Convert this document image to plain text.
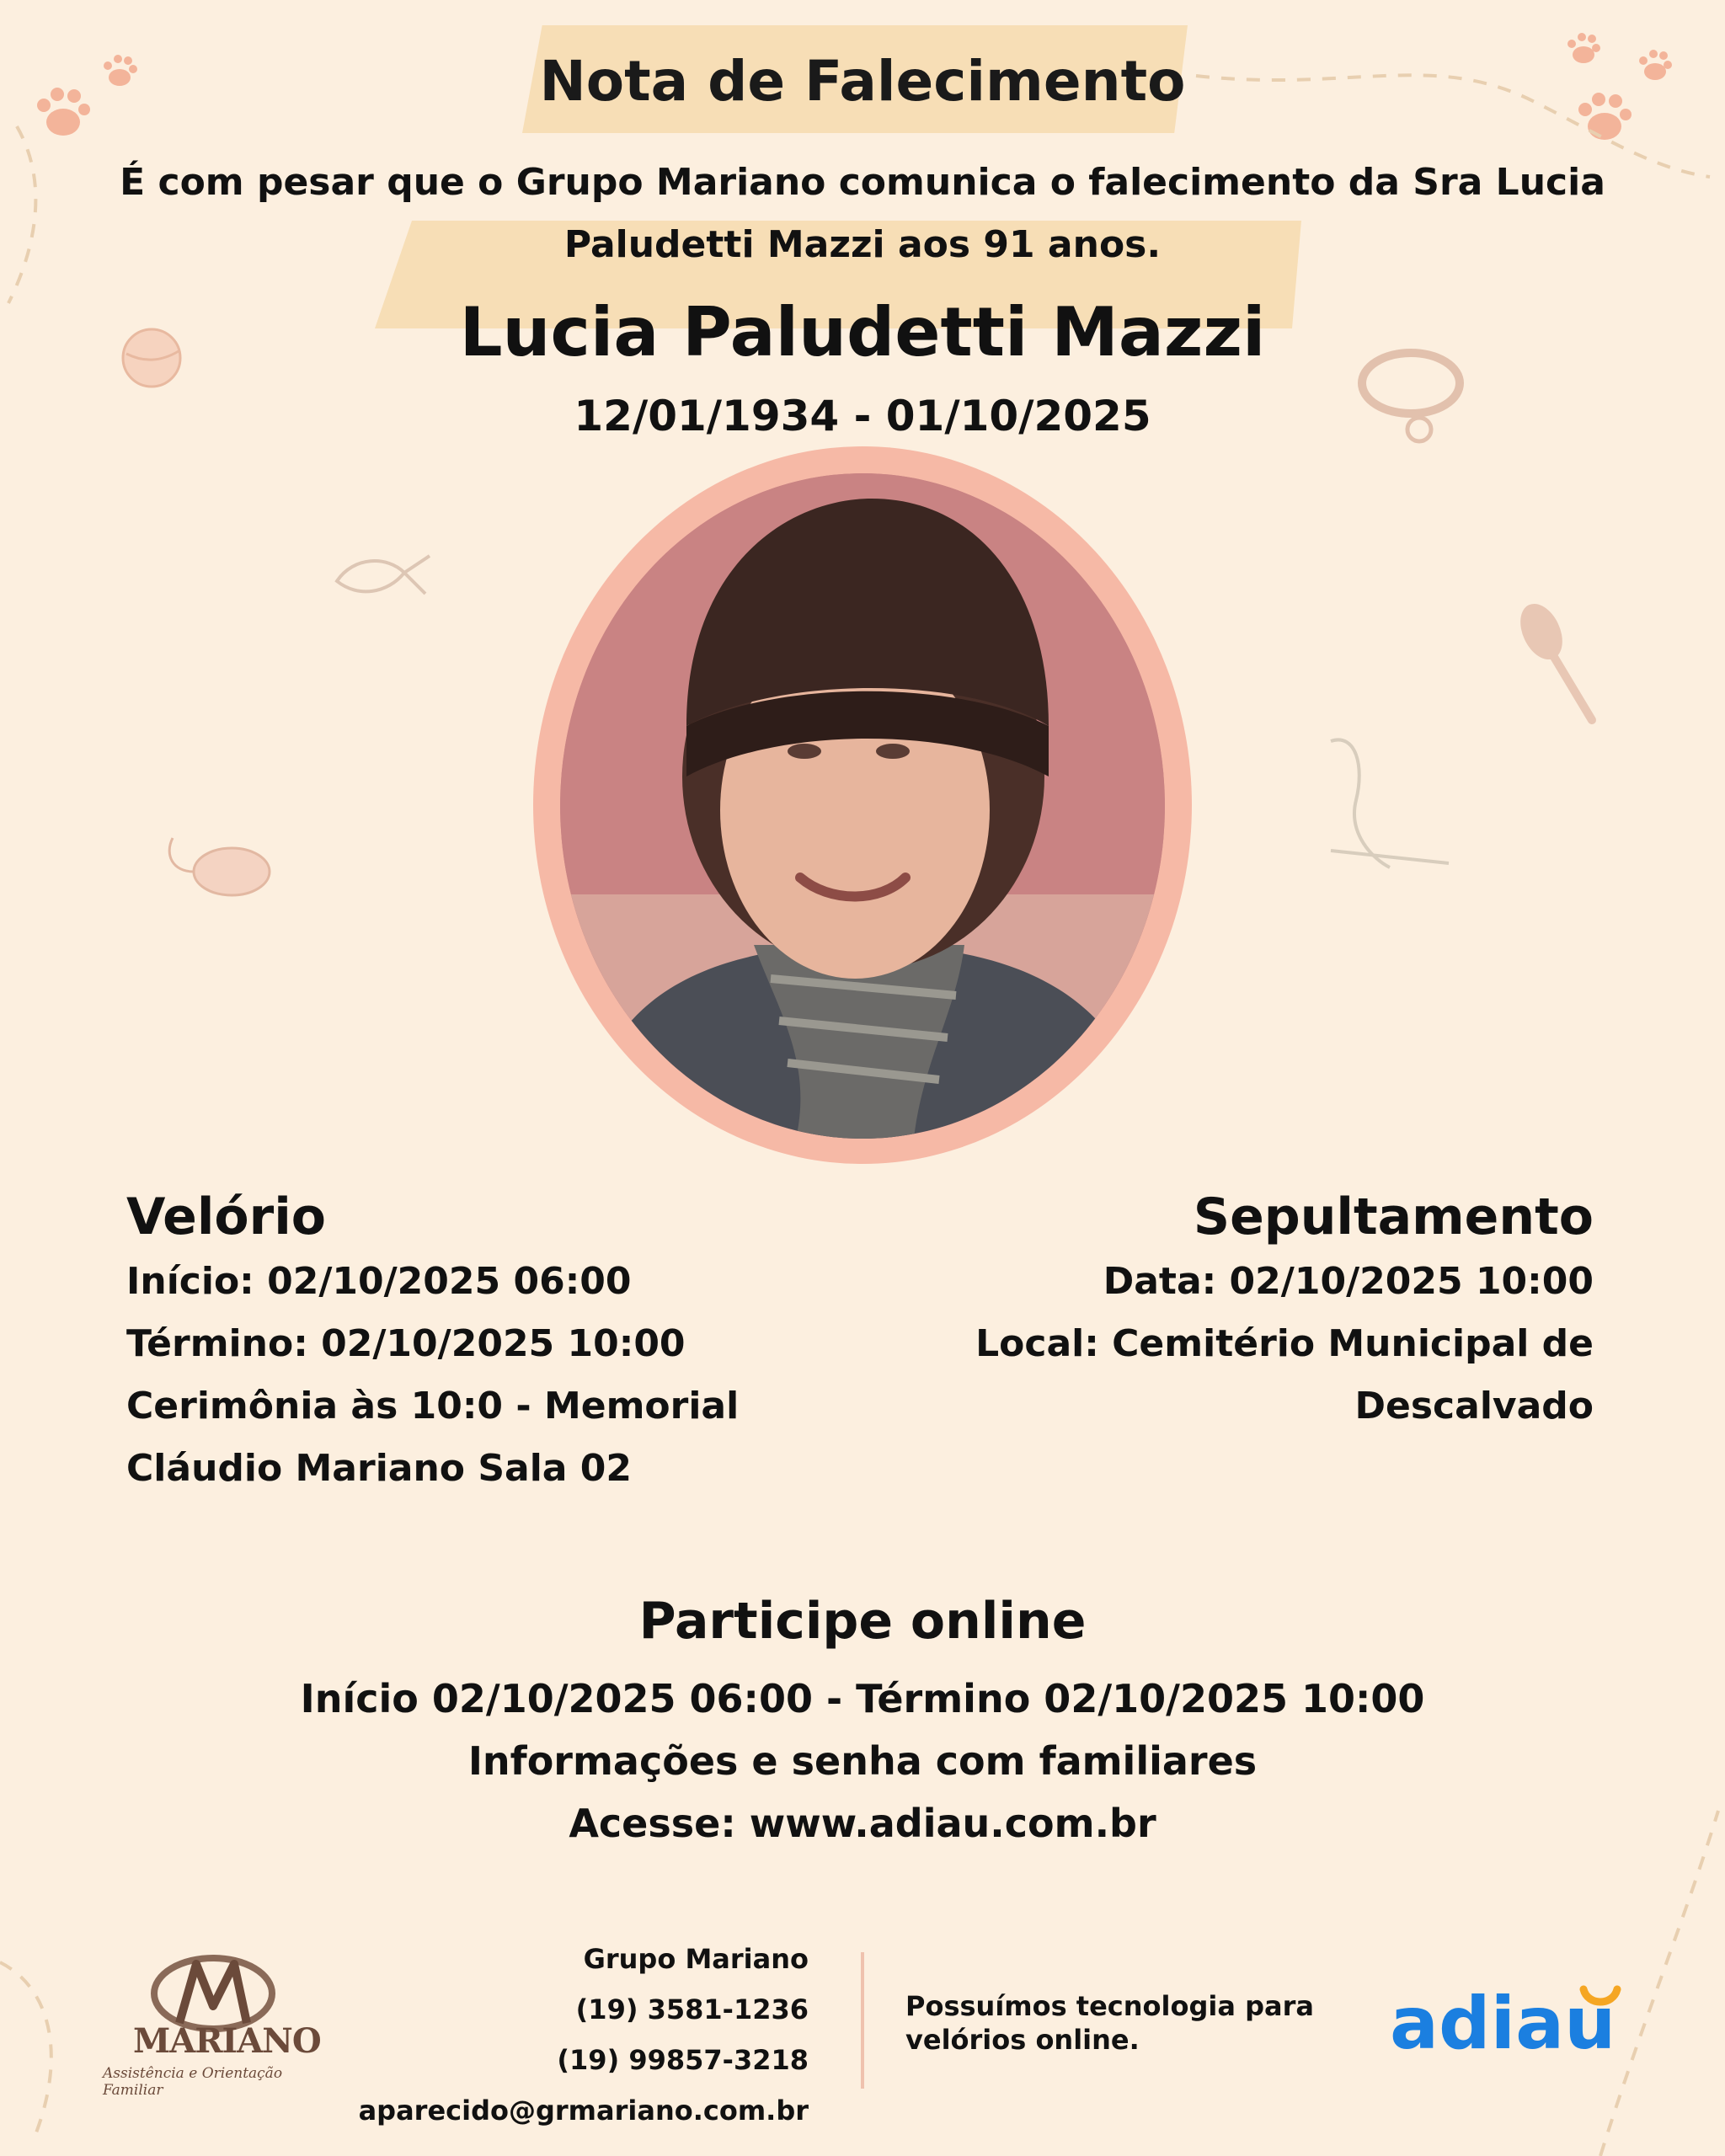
Nota de Falecimento
É com pesar que o Grupo Mariano comunica o falecimento da Sra Lucia
Paludetti Mazzi aos 91 anos.
Lucia Paludetti Mazzi
12/01/1934 - 01/10/2025
Velório
Início: 02/10/2025 06:00
Término: 02/10/2025 10:00
Cerimônia às 10:0 - Memorial
Cláudio Mariano Sala 02
Sepultamento
Data: 02/10/2025 10:00
Local: Cemitério Municipal de
Descalvado
Participe online
Início 02/10/2025 06:00 - Término 02/10/2025 10:00
Informações e senha com familiares
Acesse: www.adiau.com.br
MARIANO
Assistência e Orientação Familiar
Grupo Mariano
(19) 3581-1236
(19) 99857-3218
aparecido@grmariano.com.br
Possuímos tecnologia para
velórios online.	adiau
